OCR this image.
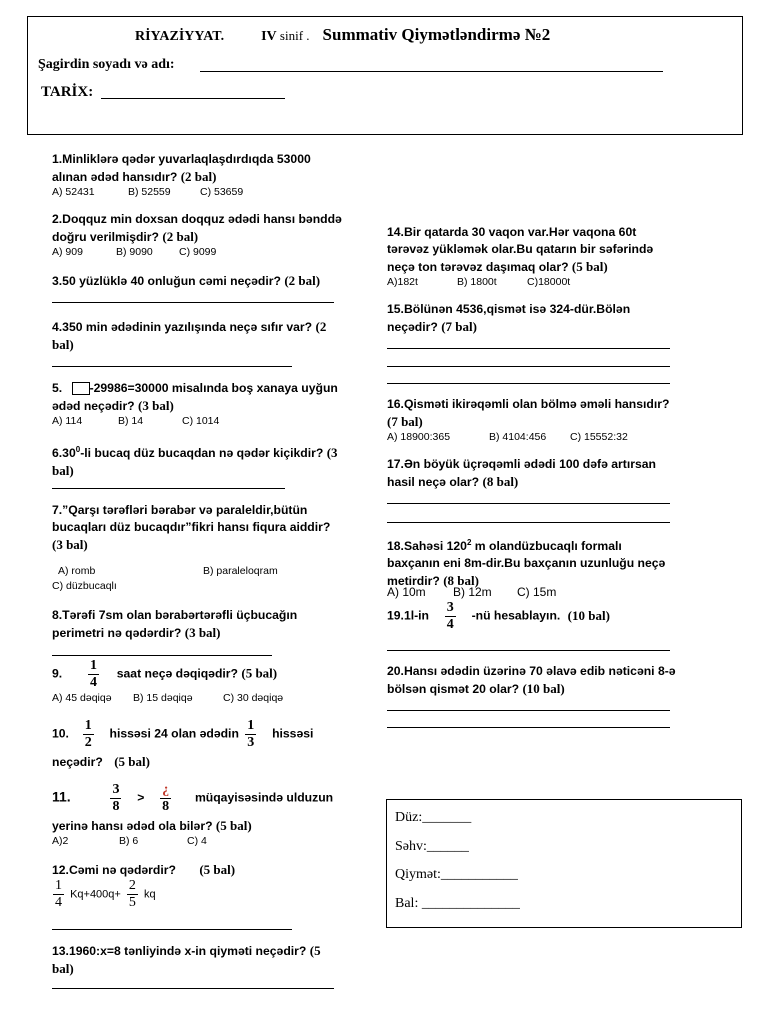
RİYAZİYYAT.	IV sinif . Summativ Qiymətləndirmə №2
Şagirdin soyadı və adı:
TARİX:
1.Minliklərə qədər yuvarlaqlaşdırdıqda 53000 alınan ədəd hansıdır? (2 bal)
A) 52431	B) 52559	C) 53659
2.Doqquz min doxsan doqquz ədədi hansı bənddə doğru verilmişdir? (2 bal)
A) 909	B) 9090 C) 9099
3.50 yüzlüklə 40 onluğun cəmi neçədir? (2 bal)
4.350 min ədədinin yazılışında neçə sıfır var? (2 bal)
5. -29986=30000 misalında boş xanaya uyğun ədəd neçədir? (3 bal)
A) 114	B) 14	C) 1014
6.30$^0$-li bucaq düz bucaqdan nə qədər kiçikdir? (3 bal)
7.”Qarşı tərəfləri bərabər və paraleldir,bütün bucaqları düz bucaqdır”fikri hansı fiqura aiddir? (3 bal)
A) romb	B) paraleloqram
C) düzbucaqlı
8.Tərəfi 7sm olan bərabərtərəfli üçbucağın perimetri nə qədərdir? (3 bal)
9. $\frac{1}{4}$ saat neçə dəqiqədir? (5 bal)
A) 45 dəqiqə B) 15 dəqiqə	C) 30 dəqiqə
10. $\frac{1}{2}$ hissəsi 24 olan ədədin $\frac{1}{3}$ hissəsi
neçədir? (5 bal)
11.	$\frac{3}{8} > \frac{¿}{8}$ müqayisəsində ulduzun
yerinə hansı ədəd ola bilər? (5 bal)
A)2	B) 6	C) 4
12.Cəmi nə qədərdir? (5 bal)
$\frac{1}{4} Kq+400q+ \frac{2}{5}$ kq
13.1960:x=8 tənliyində x-in qiyməti neçədir? (5 bal)
14.Bir qatarda 30 vaqon var.Hər vaqona 60t tərəvəz yükləmək olar.Bu qatarın bir səfərində neçə ton tərəvəz daşımaq olar? (5 bal)
A)182t	B) 1800t	C)18000t
15.Bölünən 4536,qismət isə 324-dür.Bölən neçədir? (7 bal)
16.Qisməti ikirəqəmli olan bölmə əməli hansıdır? (7 bal)
A) 18900:365	B) 4104:456 C) 15552:32
17.Ən böyük üçrəqəmli ədədi 100 dəfə artırsan hasil neçə olar? (8 bal)
18.Sahəsi $120^2$ m olandüzbucaqlı formalı baxçanın eni 8m-dir.Bu baxçanın uzunluğu neçə metirdir? (8 bal)
A) 10m B) 12m C) 15m
$19.1l-in \frac{3}{4}$ -nü hesablayın. (10 bal)
20.Hansı ədədin üzərinə 70 əlavə edib nəticəni 8-ə bölsən qismət 20 olar? (10 bal)
Düz:_______
Səhv:______
Qiymət:___________
Bal: ______________
